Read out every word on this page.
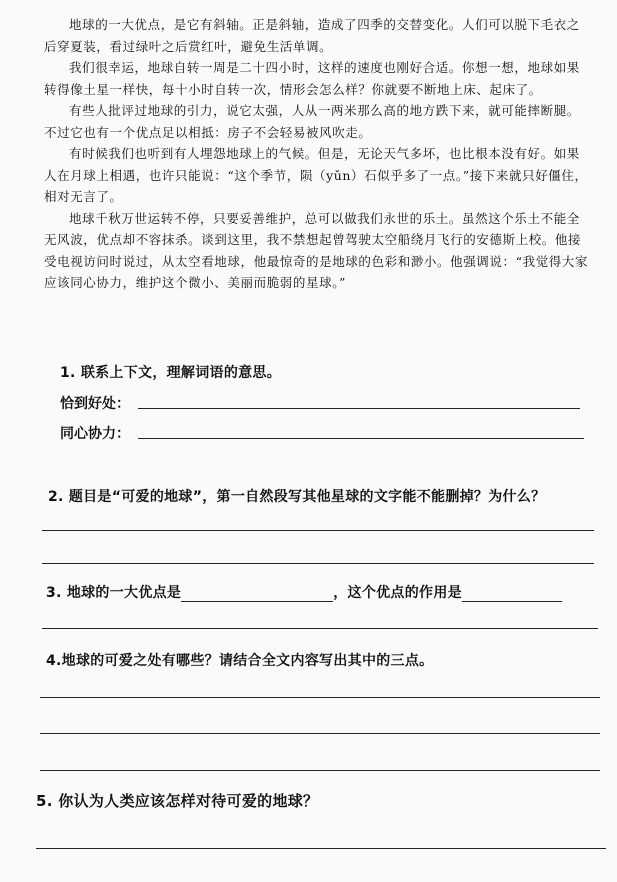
地球的一大优点，是它有斜轴。正是斜轴，造成了四季的交替变化。人们可以脱下毛衣之后穿夏装，看过绿叶之后赏红叶，避免生活单调。

我们很幸运，地球自转一周是二十四小时，这样的速度也刚好合适。你想一想，地球如果转得像土星一样快，每十小时自转一次，情形会怎么样？你就要不断地上床、起床了。

有些人批评过地球的引力，说它太强，人从一两米那么高的地方跌下来，就可能摔断腿。不过它也有一个优点足以相抵：房子不会轻易被风吹走。

有时候我们也听到有人埋怨地球上的气候。但是，无论天气多坏，也比根本没有好。如果人在月球上相遇，也许只能说：“这个季节，陨（yǔn）石似乎多了一点。”接下来就只好僵住，相对无言了。

地球千秋万世运转不停，只要妥善维护，总可以做我们永世的乐土。虽然这个乐土不能全无风波，优点却不容抹杀。谈到这里，我不禁想起曾驾驶太空船绕月飞行的安德斯上校。他接受电视访问时说过，从太空看地球，他最惊奇的是地球的色彩和渺小。他强调说：“我觉得大家应该同心协力，维护这个微小、美丽而脆弱的星球。”

1. 联系上下文，理解词语的意思。
恰到好处：
同心协力：
2. 题目是“可爱的地球”，第一自然段写其他星球的文字能不能删掉？为什么？
3. 地球的一大优点是	，这个优点的作用是
4.地球的可爱之处有哪些？请结合全文内容写出其中的三点。
5. 你认为人类应该怎样对待可爱的地球？
